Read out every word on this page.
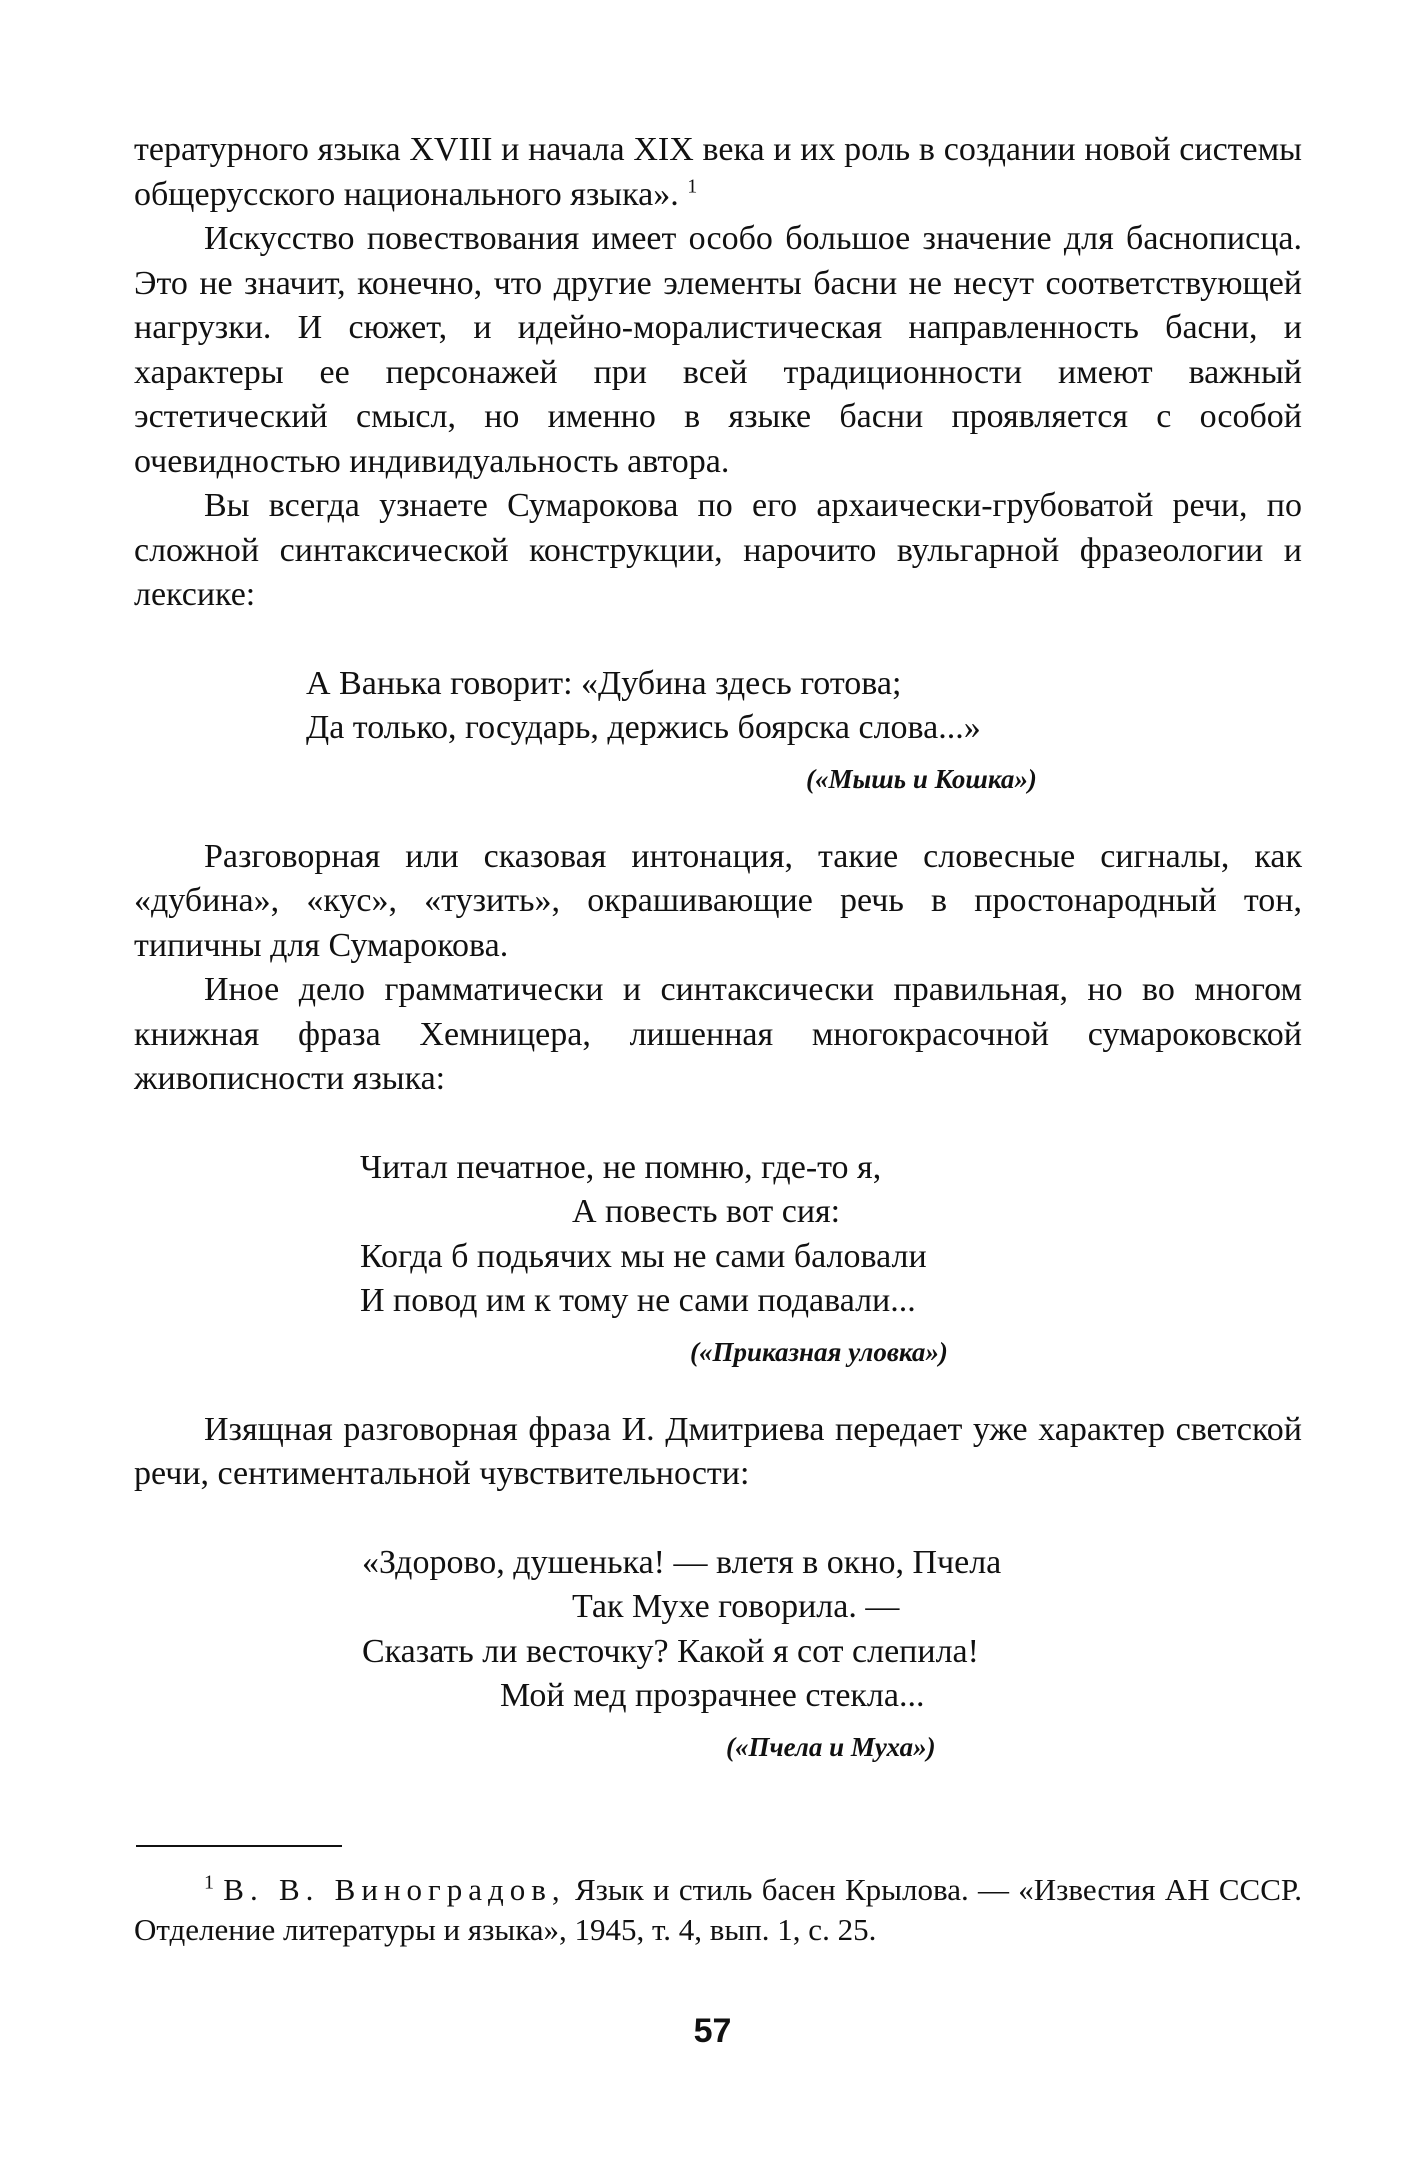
тературного языка XVIII и начала XIX века и их роль в создании новой системы общерусского национального языка». $^1$

Искусство повествования имеет особо большое значение для баснописца. Это не значит, конечно, что другие элементы басни не несут соответствующей нагрузки. И сюжет, и идейно-моралистическая направленность басни, и характеры ее персонажей при всей традиционности имеют важный эстетический смысл, но именно в языке басни проявляется с особой очевидностью индивидуальность автора.

Вы всегда узнаете Сумарокова по его архаически-грубоватой речи, по сложной синтаксической конструкции, нарочито вульгарной фразеологии и лексике:

А Ванька говорит: «Дубина здесь готова;
Да только, государь, держись боярска слова...»
(«Мышь и Кошка»)

Разговорная или сказовая интонация, такие словесные сигналы, как «дубина», «кус», «тузить», окрашивающие речь в простонародный тон, типичны для Сумарокова.

Иное дело грамматически и синтаксически правильная, но во многом книжная фраза Хемницера, лишенная многокрасочной сумароковской живописности языка:

Читал печатное, не помню, где-то я,
А повесть вот сия:
Когда б подьячих мы не сами баловали
И повод им к тому не сами подавали...
(«Приказная уловка»)

Изящная разговорная фраза И. Дмитриева передает уже характер светской речи, сентиментальной чувствительности:

«Здорово, душенька! — влетя в окно, Пчела
Так Мухе говорила. —
Сказать ли весточку? Какой я сот слепила!
Мой мед прозрачнее стекла...
(«Пчела и Муха»)

$^1$ В. В. Виноградов, Язык и стиль басен Крылова. — «Известия АН СССР. Отделение литературы и языка», 1945, т. 4, вып. 1, с. 25.

57
